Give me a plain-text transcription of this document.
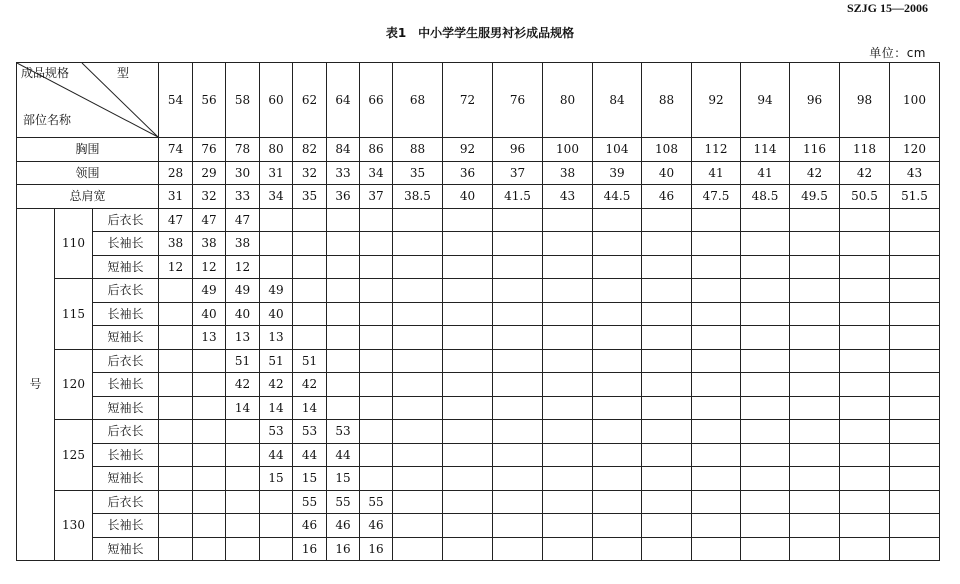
SZJG 15—2006
表1 中小学学生服男衬衫成品规格
单位：cm
成品规格 型
部位名称			54	56	58	60	62	64	66	68	72	76	80	84	88	92	94	96	98	100
胸围			74	76	78	80	82	84	86	88	92	96	100	104	108	112	114	116	118	120
领围			28	29	30	31	32	33	34	35	36	37	38	39	40	41	41	42	42	43
总肩宽			31	32	33	34	35	36	37	38.5	40	41.5	43	44.5	46	47.5	48.5	49.5	50.5	51.5
号	110	后衣长	47	47	47															
		长袖长	38	38	38															
		短袖长	12	12	12															
	115	后衣长		49	49	49														
		长袖长		40	40	40														
		短袖长		13	13	13														
	120	后衣长			51	51	51													
		长袖长			42	42	42													
		短袖长			14	14	14													
	125	后衣长				53	53	53												
		长袖长				44	44	44												
		短袖长				15	15	15												
	130	后衣长					55	55	55											
		长袖长					46	46	46											
		短袖长					16	16	16											
